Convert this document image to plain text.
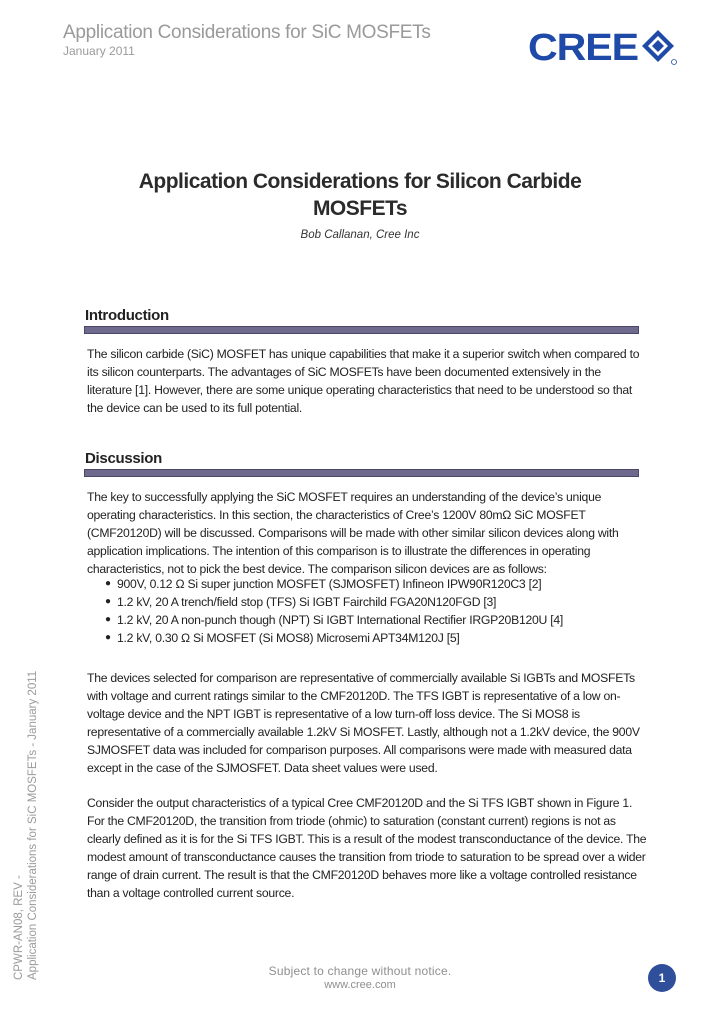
Application Considerations for SiC MOSFETs
January 2011	CREE
CPWR-AN08, REV - Application Considerations for SiC MOSFETs - January 2011
Application Considerations for Silicon Carbide
MOSFETs
Bob Callanan, Cree Inc
Introduction

The silicon carbide (SiC) MOSFET has unique capabilities that make it a superior switch when compared to its silicon counterparts. The advantages of SiC MOSFETs have been documented extensively in the literature [1]. However, there are some unique operating characteristics that need to be understood so that the device can be used to its full potential.

Discussion

The key to successfully applying the SiC MOSFET requires an understanding of the device’s unique operating characteristics. In this section, the characteristics of Cree’s 1200V 80mΩ SiC MOSFET (CMF20120D) will be discussed. Comparisons will be made with other similar silicon devices along with application implications. The intention of this comparison is to illustrate the differences in operating characteristics, not to pick the best device. The comparison silicon devices are as follows:

● 900V, 0.12 Ω Si super junction MOSFET (SJMOSFET) Infineon IPW90R120C3 [2]
● 1.2 kV, 20 A trench/field stop (TFS) Si IGBT Fairchild FGA20N120FGD [3]
● 1.2 kV, 20 A non-punch though (NPT) Si IGBT International Rectifier IRGP20B120U [4]
● 1.2 kV, 0.30 Ω Si MOSFET (Si MOS8) Microsemi APT34M120J [5]

The devices selected for comparison are representative of commercially available Si IGBTs and MOSFETs with voltage and current ratings similar to the CMF20120D. The TFS IGBT is representative of a low on-voltage device and the NPT IGBT is representative of a low turn-off loss device. The Si MOS8 is representative of a commercially available 1.2kV Si MOSFET. Lastly, although not a 1.2kV device, the 900V SJMOSFET data was included for comparison purposes. All comparisons were made with measured data except in the case of the SJMOSFET. Data sheet values were used.

Consider the output characteristics of a typical Cree CMF20120D and the Si TFS IGBT shown in Figure 1. For the CMF20120D, the transition from triode (ohmic) to saturation (constant current) regions is not as clearly defined as it is for the Si TFS IGBT. This is a result of the modest transconductance of the device. The modest amount of transconductance causes the transition from triode to saturation to be spread over a wider range of drain current. The result is that the CMF20120D behaves more like a voltage controlled resistance than a voltage controlled current source.

Subject to change without notice.
www.cree.com	1
